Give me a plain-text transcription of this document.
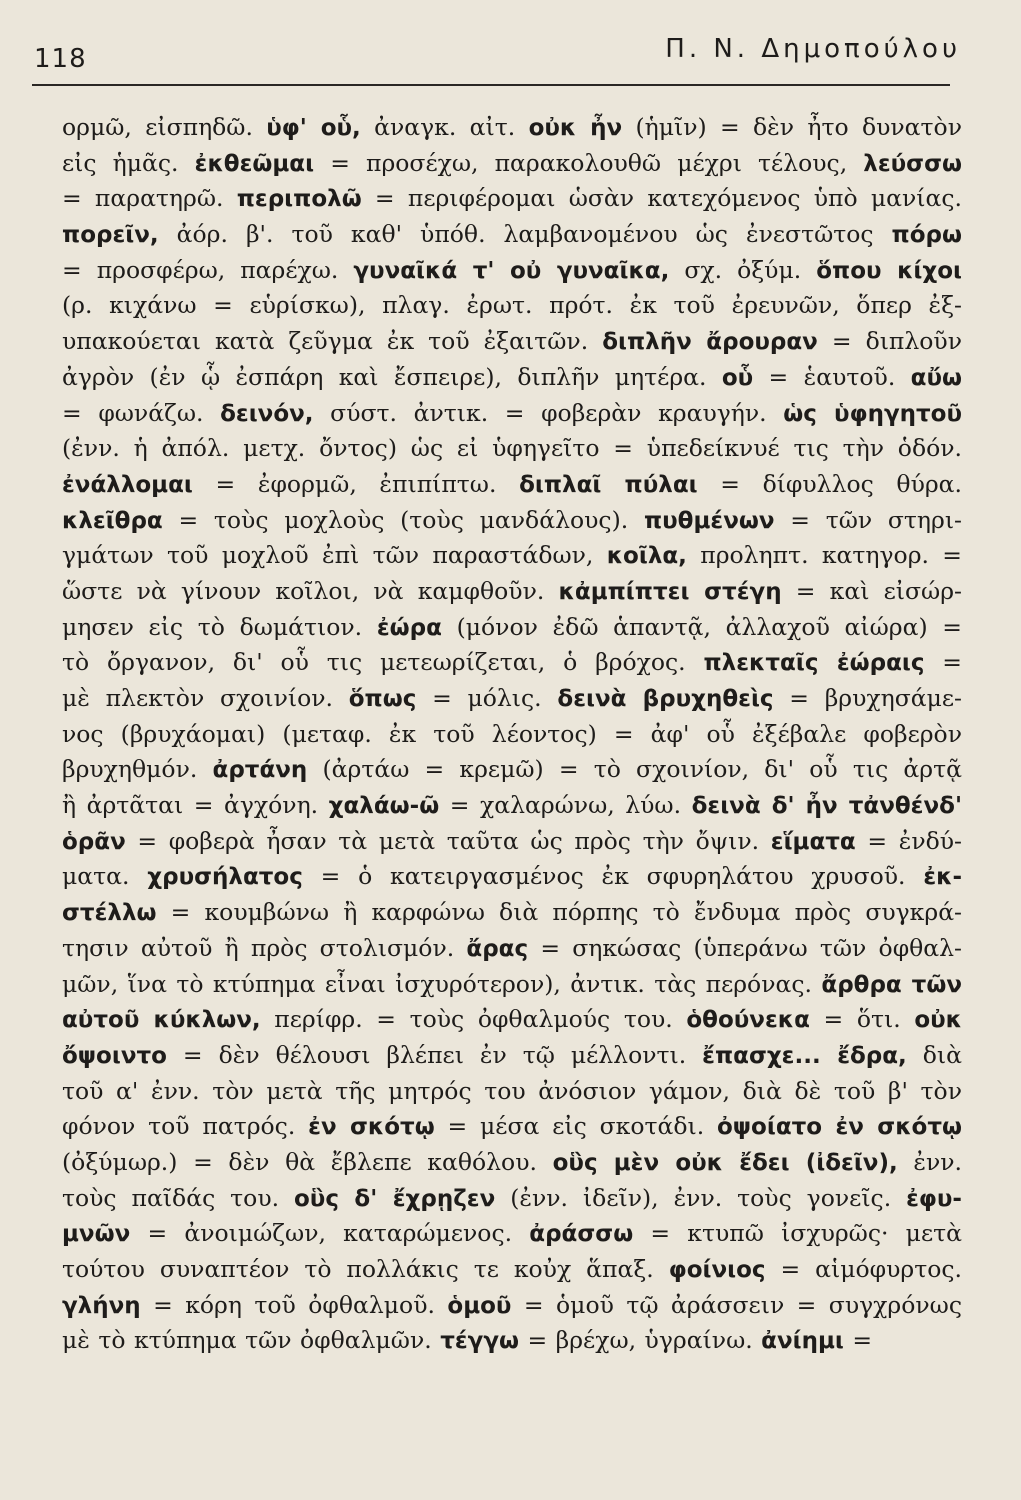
118	Π. Ν. Δημοπούλου
ορμῶ, εἰσπηδῶ. ὑφ' οὗ, ἀναγκ. αἰτ. οὐκ ἦν (ἡμῖν) = δὲν ἦτο δυνατὸν
εἰς ἡμᾶς. ἐκθεῶμαι = προσέχω, παρακολουθῶ μέχρι τέλους, λεύσσω
= παρατηρῶ. περιπολῶ = περιφέρομαι ὡσὰν κατεχόμενος ὑπὸ μανίας.
πορεῖν, ἀόρ. β'. τοῦ καθ' ὑπόθ. λαμβανομένου ὡς ἐνεστῶτος πόρω
= προσφέρω, παρέχω. γυναῖκά τ' οὐ γυναῖκα, σχ. ὀξύμ. ὅπου κίχοι
(ρ. κιχάνω = εὑρίσκω), πλαγ. ἐρωτ. πρότ. ἐκ τοῦ ἐρευνῶν, ὅπερ ἐξ-
υπακούεται κατὰ ζεῦγμα ἐκ τοῦ ἐξαιτῶν. διπλῆν ἄρουραν = διπλοῦν
ἀγρὸν (ἐν ᾧ ἐσπάρη καὶ ἔσπειρε), διπλῆν μητέρα. οὗ = ἑαυτοῦ. αὔω
= φωνάζω. δεινόν, σύστ. ἀντικ. = φοβερὰν κραυγήν. ὡς ὑφηγητοῦ
(ἐνν. ἡ ἀπόλ. μετχ. ὄντος) ὡς εἰ ὑφηγεῖτο = ὑπεδείκνυέ τις τὴν ὁδόν.
ἐνάλλομαι = ἐφορμῶ, ἐπιπίπτω. διπλαῖ πύλαι = δίφυλλος θύρα.
κλεῖθρα = τοὺς μοχλοὺς (τοὺς μανδάλους). πυθμένων = τῶν στηρι-
γμάτων τοῦ μοχλοῦ ἐπὶ τῶν παραστάδων, κοῖλα, προληπτ. κατηγορ. =
ὥστε νὰ γίνουν κοῖλοι, νὰ καμφθοῦν. κἀμπίπτει στέγη = καὶ εἰσώρ-
μησεν εἰς τὸ δωμάτιον. ἐώρα (μόνον ἐδῶ ἁπαντᾷ, ἀλλαχοῦ αἰώρα) =
τὸ ὄργανον, δι' οὗ τις μετεωρίζεται, ὁ βρόχος. πλεκταῖς ἐώραις =
μὲ πλεκτὸν σχοινίον. ὅπως = μόλις. δεινὰ βρυχηθεὶς = βρυχησάμε-
νος (βρυχάομαι) (μεταφ. ἐκ τοῦ λέοντος) = ἀφ' οὗ ἐξέβαλε φοβερὸν
βρυχηθμόν. ἀρτάνη (ἀρτάω = κρεμῶ) = τὸ σχοινίον, δι' οὗ τις ἀρτᾷ
ἢ ἀρτᾶται = ἀγχόνη. χαλάω-ῶ = χαλαρώνω, λύω. δεινὰ δ' ἦν τἀνθένδ'
ὁρᾶν = φοβερὰ ἦσαν τὰ μετὰ ταῦτα ὡς πρὸς τὴν ὄψιν. εἵματα = ἐνδύ-
ματα. χρυσήλατος = ὁ κατειργασμένος ἐκ σφυρηλάτου χρυσοῦ. ἐκ-
στέλλω = κουμβώνω ἢ καρφώνω διὰ πόρπης τὸ ἔνδυμα πρὸς συγκρά-
τησιν αὐτοῦ ἢ πρὸς στολισμόν. ἄρας = σηκώσας (ὑπεράνω τῶν ὀφθαλ-
μῶν, ἵνα τὸ κτύπημα εἶναι ἰσχυρότερον), ἀντικ. τὰς περόνας. ἄρθρα τῶν
αὐτοῦ κύκλων, περίφρ. = τοὺς ὀφθαλμούς του. ὁθούνεκα = ὅτι. οὐκ
ὄψοιντο = δὲν θέλουσι βλέπει ἐν τῷ μέλλοντι. ἔπασχε... ἔδρα, διὰ
τοῦ α' ἐνν. τὸν μετὰ τῆς μητρός του ἀνόσιον γάμον, διὰ δὲ τοῦ β' τὸν
φόνον τοῦ πατρός. ἐν σκότῳ = μέσα εἰς σκοτάδι. ὀψοίατο ἐν σκότῳ
(ὀξύμωρ.) = δὲν θὰ ἔβλεπε καθόλου. οὓς μὲν οὐκ ἔδει (ἰδεῖν), ἐνν.
τοὺς παῖδάς του. οὓς δ' ἔχρῃζεν (ἐνν. ἰδεῖν), ἐνν. τοὺς γονεῖς. ἐφυ-
μνῶν = ἀνοιμώζων, καταρώμενος. ἀράσσω = κτυπῶ ἰσχυρῶς· μετὰ
τούτου συναπτέον τὸ πολλάκις τε κοὐχ ἅπαξ. φοίνιος = αἱμόφυρτος.
γλήνη = κόρη τοῦ ὀφθαλμοῦ. ὁμοῦ = ὁμοῦ τῷ ἀράσσειν = συγχρόνως
μὲ τὸ κτύπημα τῶν ὀφθαλμῶν. τέγγω = βρέχω, ὑγραίνω. ἀνίημι =
